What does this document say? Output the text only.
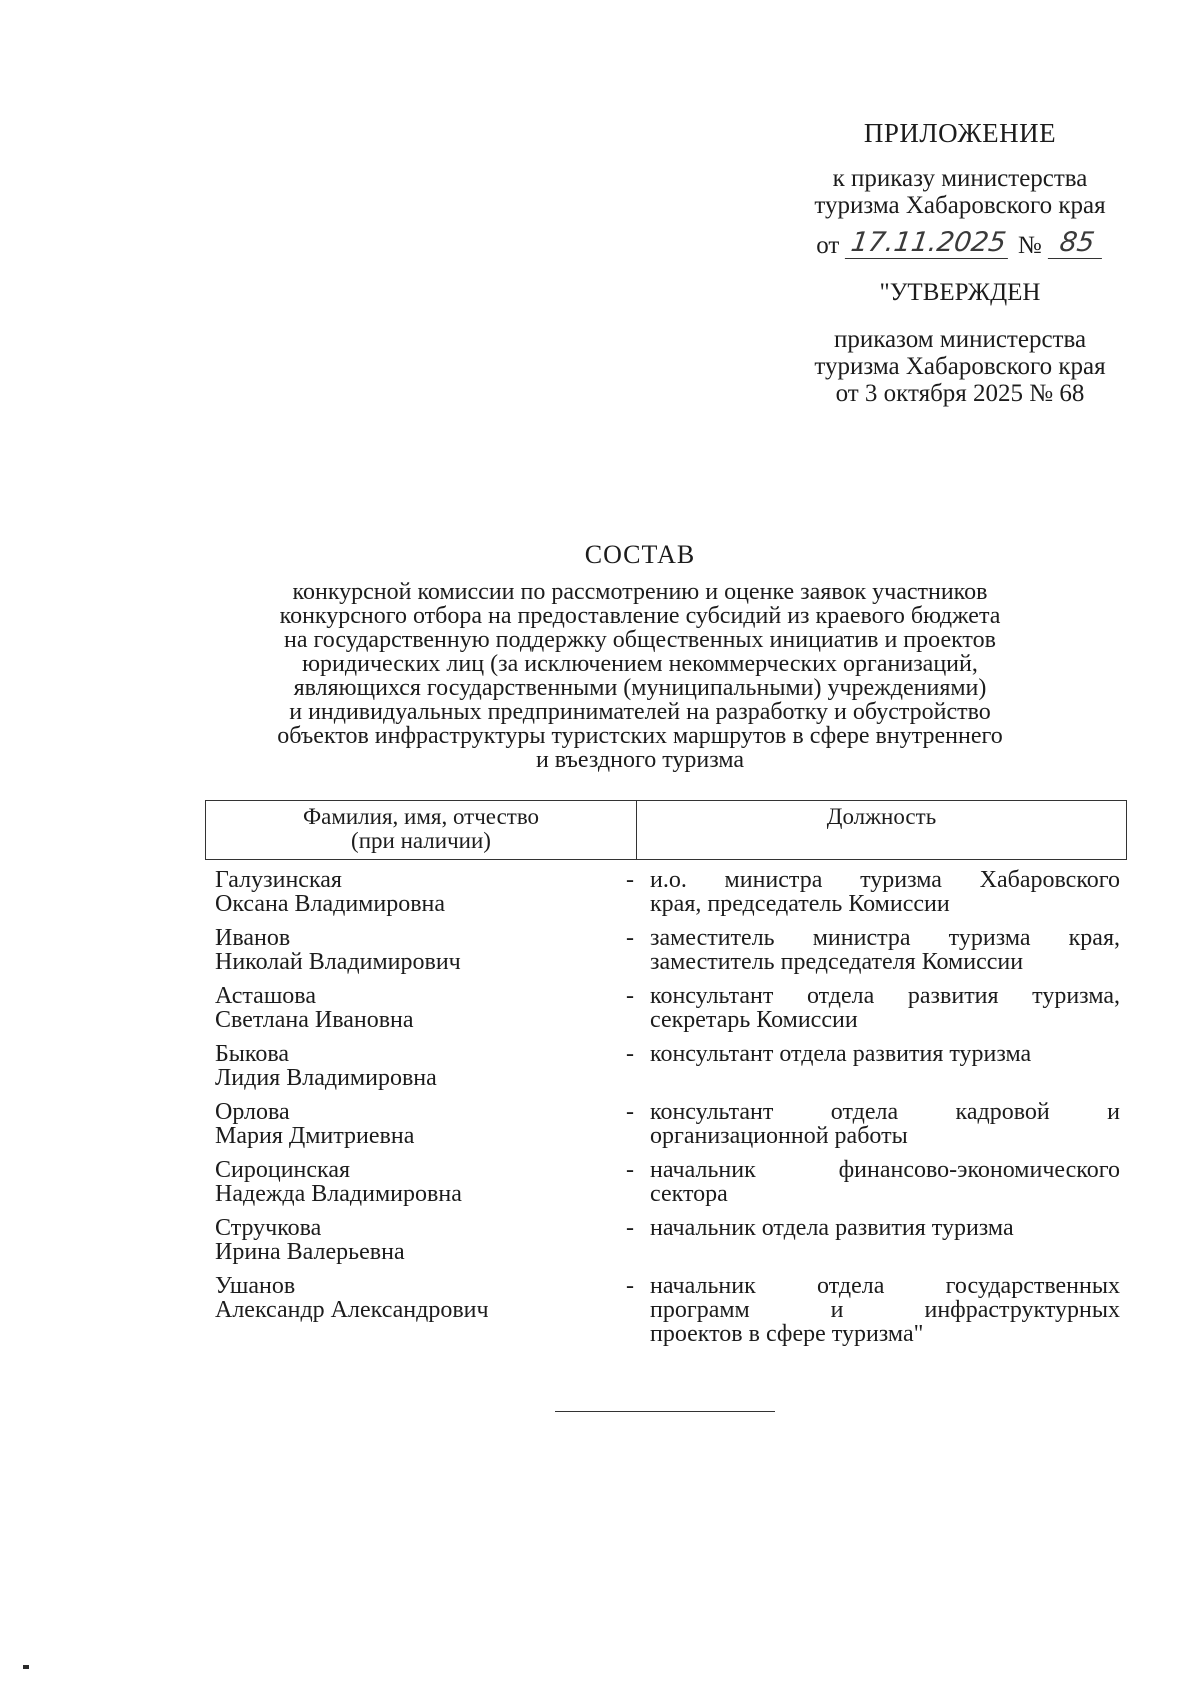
ПРИЛОЖЕНИЕ
к приказу министерства
туризма Хабаровского края
от 17.11.2025 № 85
"УТВЕРЖДЕН
приказом министерства
туризма Хабаровского края
от 3 октября 2025 № 68
СОСТАВ
конкурсной комиссии по рассмотрению и оценке заявок участников
конкурсного отбора на предоставление субсидий из краевого бюджета
на государственную поддержку общественных инициатив и проектов
юридических лиц (за исключением некоммерческих организаций,
являющихся государственными (муниципальными) учреждениями)
и индивидуальных предпринимателей на разработку и обустройство
объектов инфраструктуры туристских маршрутов в сфере внутреннего
и въездного туризма
Фамилия, имя, отчество
(при наличии)
Должность
Галузинская
Оксана Владимировна
- и.о. министра туризма Хабаровского
края, председатель Комиссии
Иванов
Николай Владимирович
- заместитель министра туризма края,
заместитель председателя Комиссии
Асташова
Светлана Ивановна
- консультант отдела развития туризма,
секретарь Комиссии
Быкова
Лидия Владимировна
- консультант отдела развития туризма
Орлова
Мария Дмитриевна
- консультант отдела кадровой и
организационной работы
Сироцинская
Надежда Владимировна
- начальник финансово-экономического
сектора
Стручкова
Ирина Валерьевна
- начальник отдела развития туризма
Ушанов
Александр Александрович
- начальник отдела государственных
программ и инфраструктурных
проектов в сфере туризма"
